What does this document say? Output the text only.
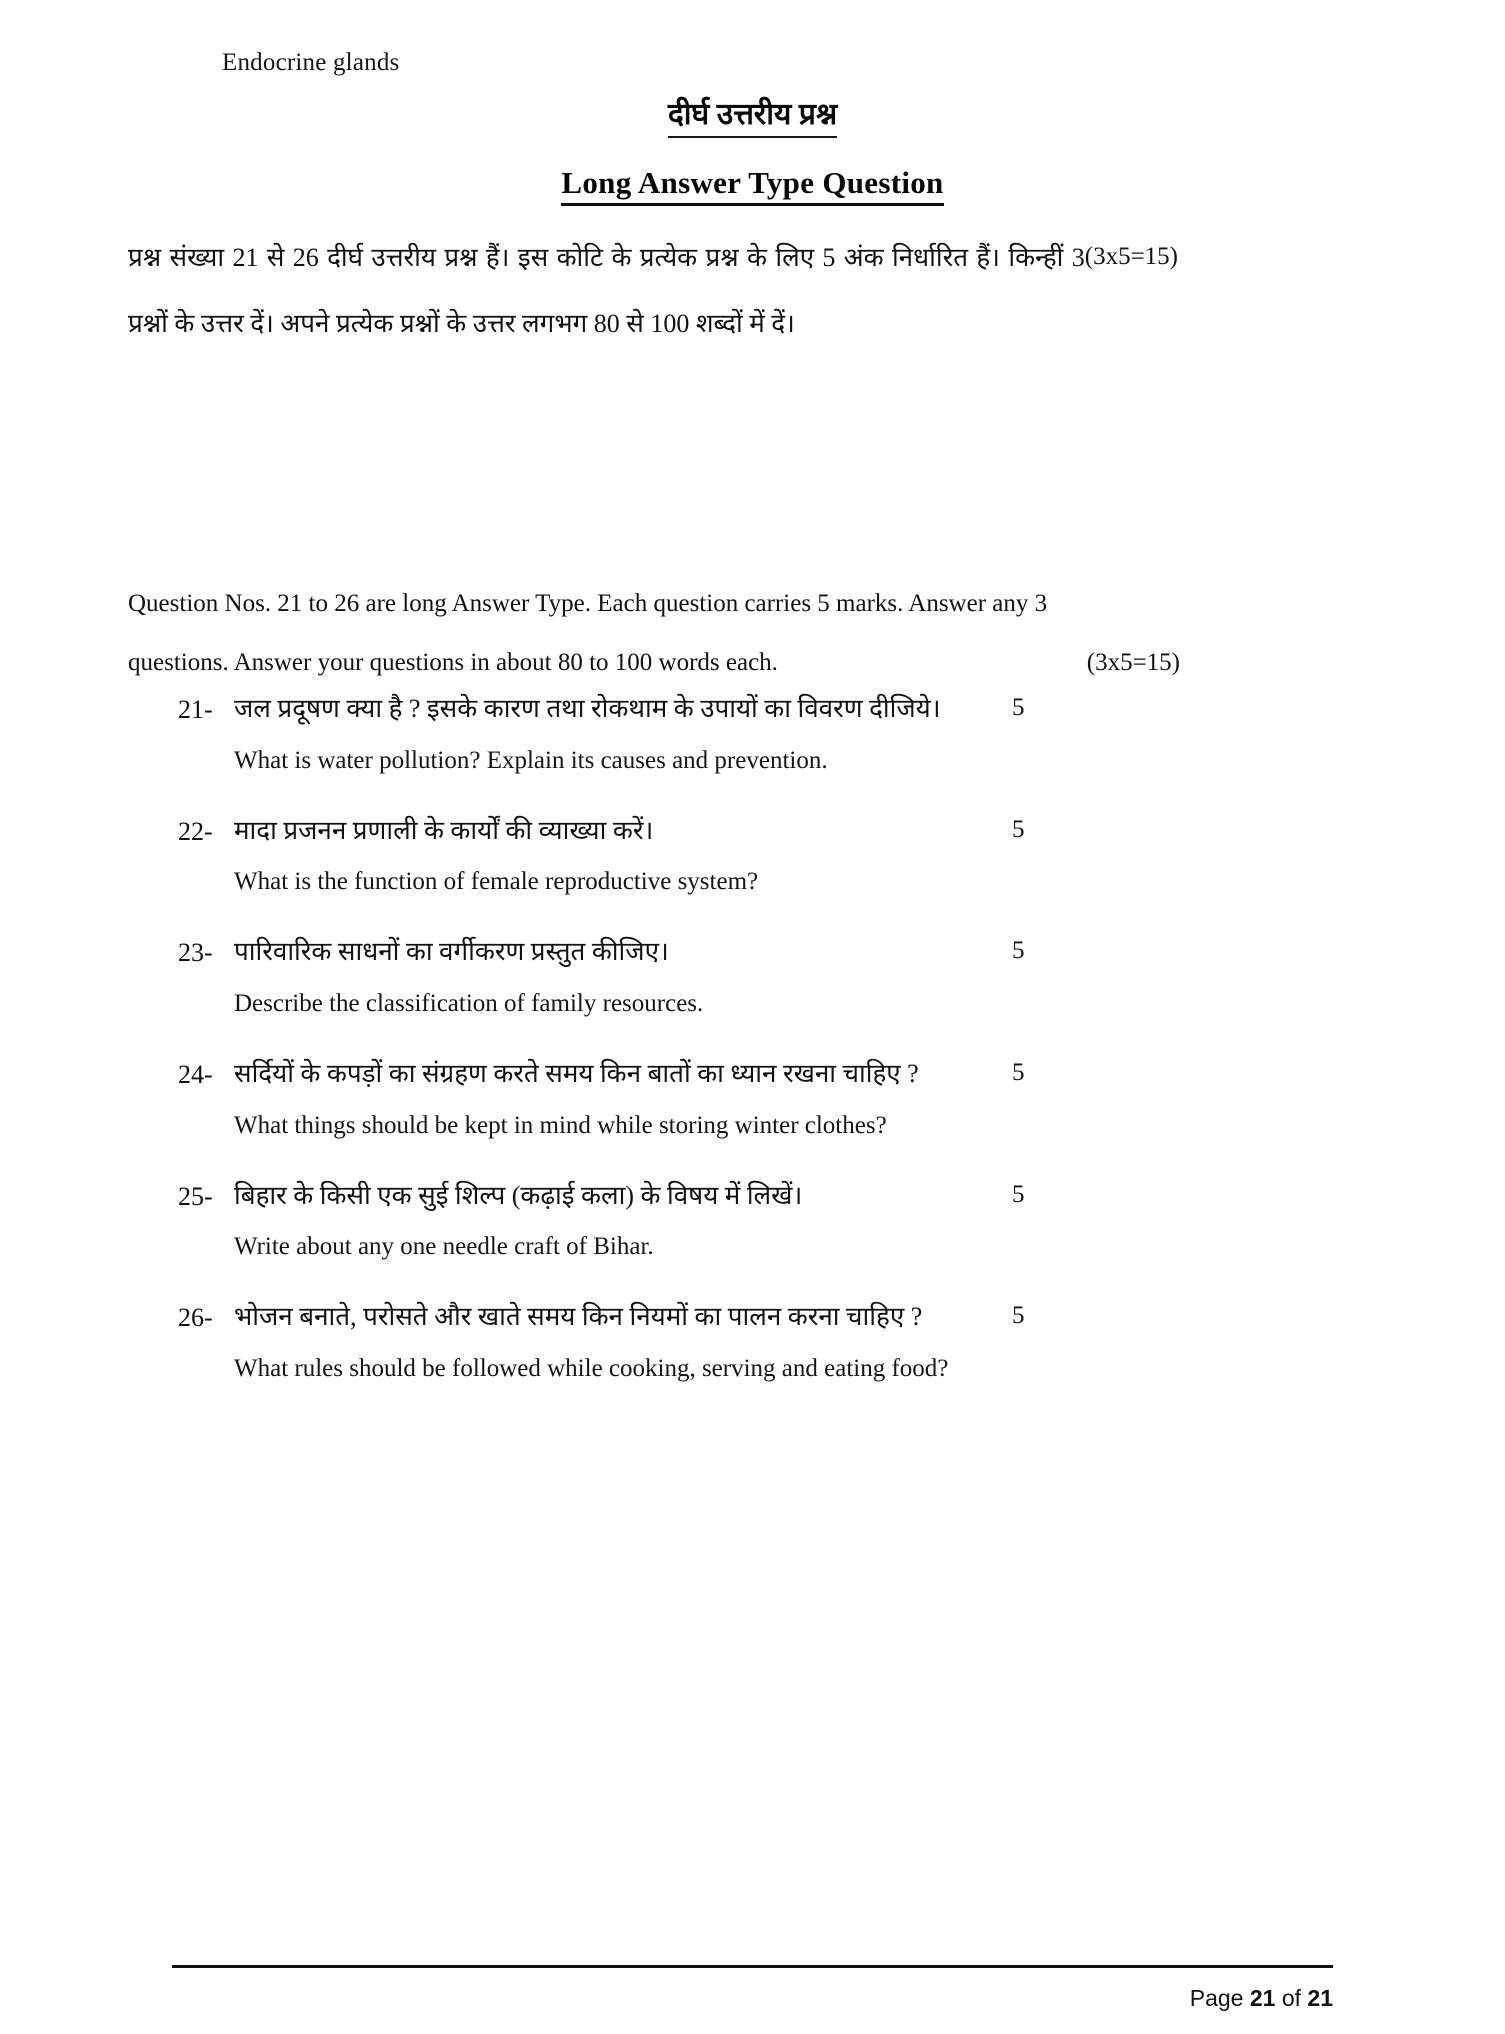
Endocrine glands
दीर्घ उत्तरीय प्रश्न
Long Answer Type Question
(3x5=15)
प्रश्न संख्या 21 से 26 दीर्घ उत्तरीय प्रश्न हैं। इस कोटि के प्रत्येक प्रश्न के लिए 5 अंक निर्धारित हैं। किन्हीं 3 प्रश्नों के उत्तर दें। अपने प्रत्येक प्रश्नों के उत्तर लगभग 80 से 100 शब्दों में दें।
Question Nos. 21 to 26 are long Answer Type. Each question carries 5 marks. Answer any 3
questions. Answer your questions in about 80 to 100 words each.	(3x5=15)
21- जल प्रदूषण क्या है ? इसके कारण तथा रोकथाम के उपायों का विवरण दीजिये।	5
What is water pollution? Explain its causes and prevention.
22- मादा प्रजनन प्रणाली के कार्यों की व्याख्या करें।	5
What is the function of female reproductive system?
23- पारिवारिक साधनों का वर्गीकरण प्रस्तुत कीजिए।	5
Describe the classification of family resources.
24- सर्दियों के कपड़ों का संग्रहण करते समय किन बातों का ध्यान रखना चाहिए ?	5
What things should be kept in mind while storing winter clothes?
25- बिहार के किसी एक सुई शिल्प (कढ़ाई कला) के विषय में लिखें।	5
Write about any one needle craft of Bihar.
26- भोजन बनाते, परोसते और खाते समय किन नियमों का पालन करना चाहिए ?	5
What rules should be followed while cooking, serving and eating food?
Page 21 of 21
